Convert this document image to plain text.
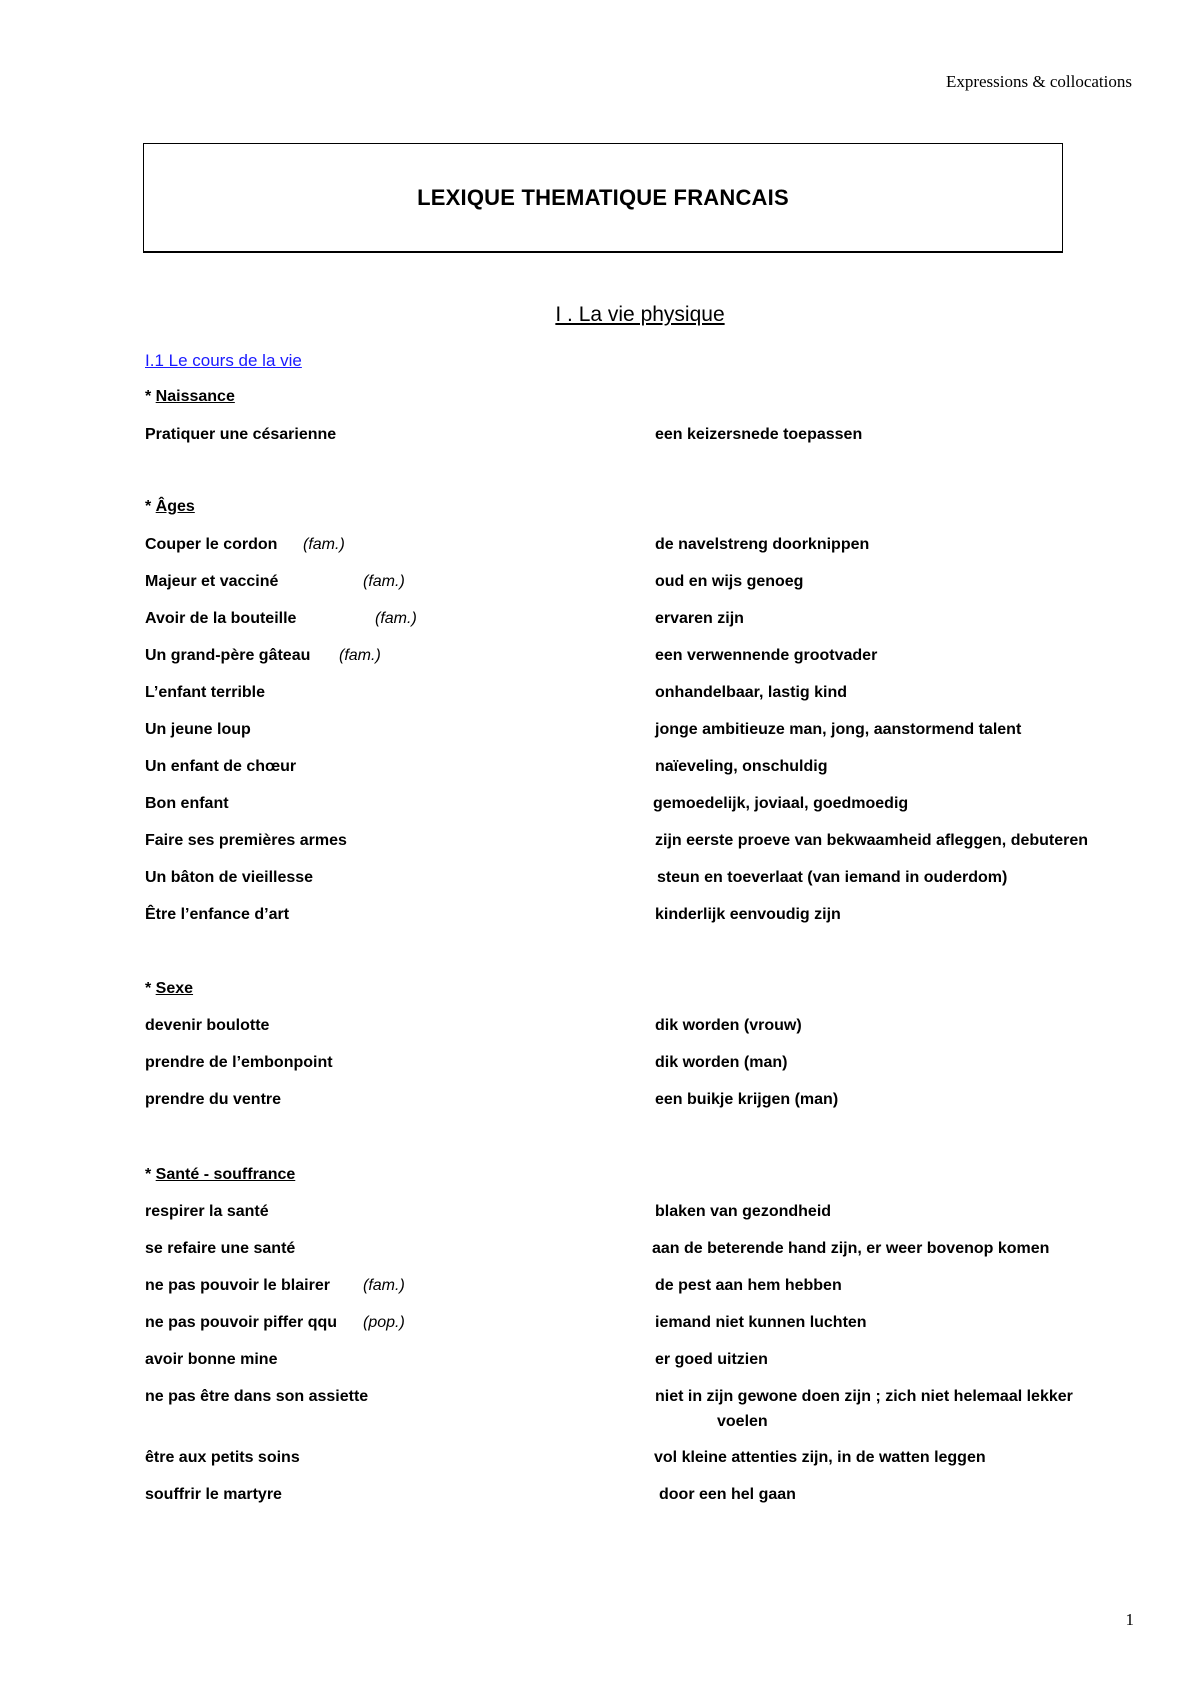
Expressions & collocations
LEXIQUE THEMATIQUE FRANCAIS
I . La vie physique
I.1 Le cours de la vie
* Naissance
Pratiquer une césarienne	een keizersnede toepassen
* Âges
Couper le cordon (fam.)	de navelstreng doorknippen
Majeur et vacciné	(fam.)	oud en wijs genoeg
Avoir de la bouteille	(fam.)	ervaren zijn
Un grand-père gâteau (fam.)	een verwennende grootvader
L’enfant terrible	onhandelbaar, lastig kind
Un jeune loup	jonge ambitieuze man, jong, aanstormend talent
Un enfant de chœur	naïeveling, onschuldig
Bon enfant	gemoedelijk, joviaal, goedmoedig
Faire ses premières armes	zijn eerste proeve van bekwaamheid afleggen, debuteren
Un bâton de vieillesse	steun en toeverlaat (van iemand in ouderdom)
Être l’enfance d’art	kinderlijk eenvoudig zijn
* Sexe
devenir boulotte	dik worden (vrouw)
prendre de l’embonpoint	dik worden (man)
prendre du ventre	een buikje krijgen (man)
* Santé - souffrance
respirer la santé	blaken van gezondheid
se refaire une santé	aan de beterende hand zijn, er weer bovenop komen
ne pas pouvoir le blairer (fam.)	de pest aan hem hebben
ne pas pouvoir piffer qqu (pop.)	iemand niet kunnen luchten
avoir bonne mine	er goed uitzien
ne pas être dans son assiette	niet in zijn gewone doen zijn ; zich niet helemaal lekker
voelen
être aux petits soins	vol kleine attenties zijn, in de watten leggen
souffrir le martyre	door een hel gaan
1
